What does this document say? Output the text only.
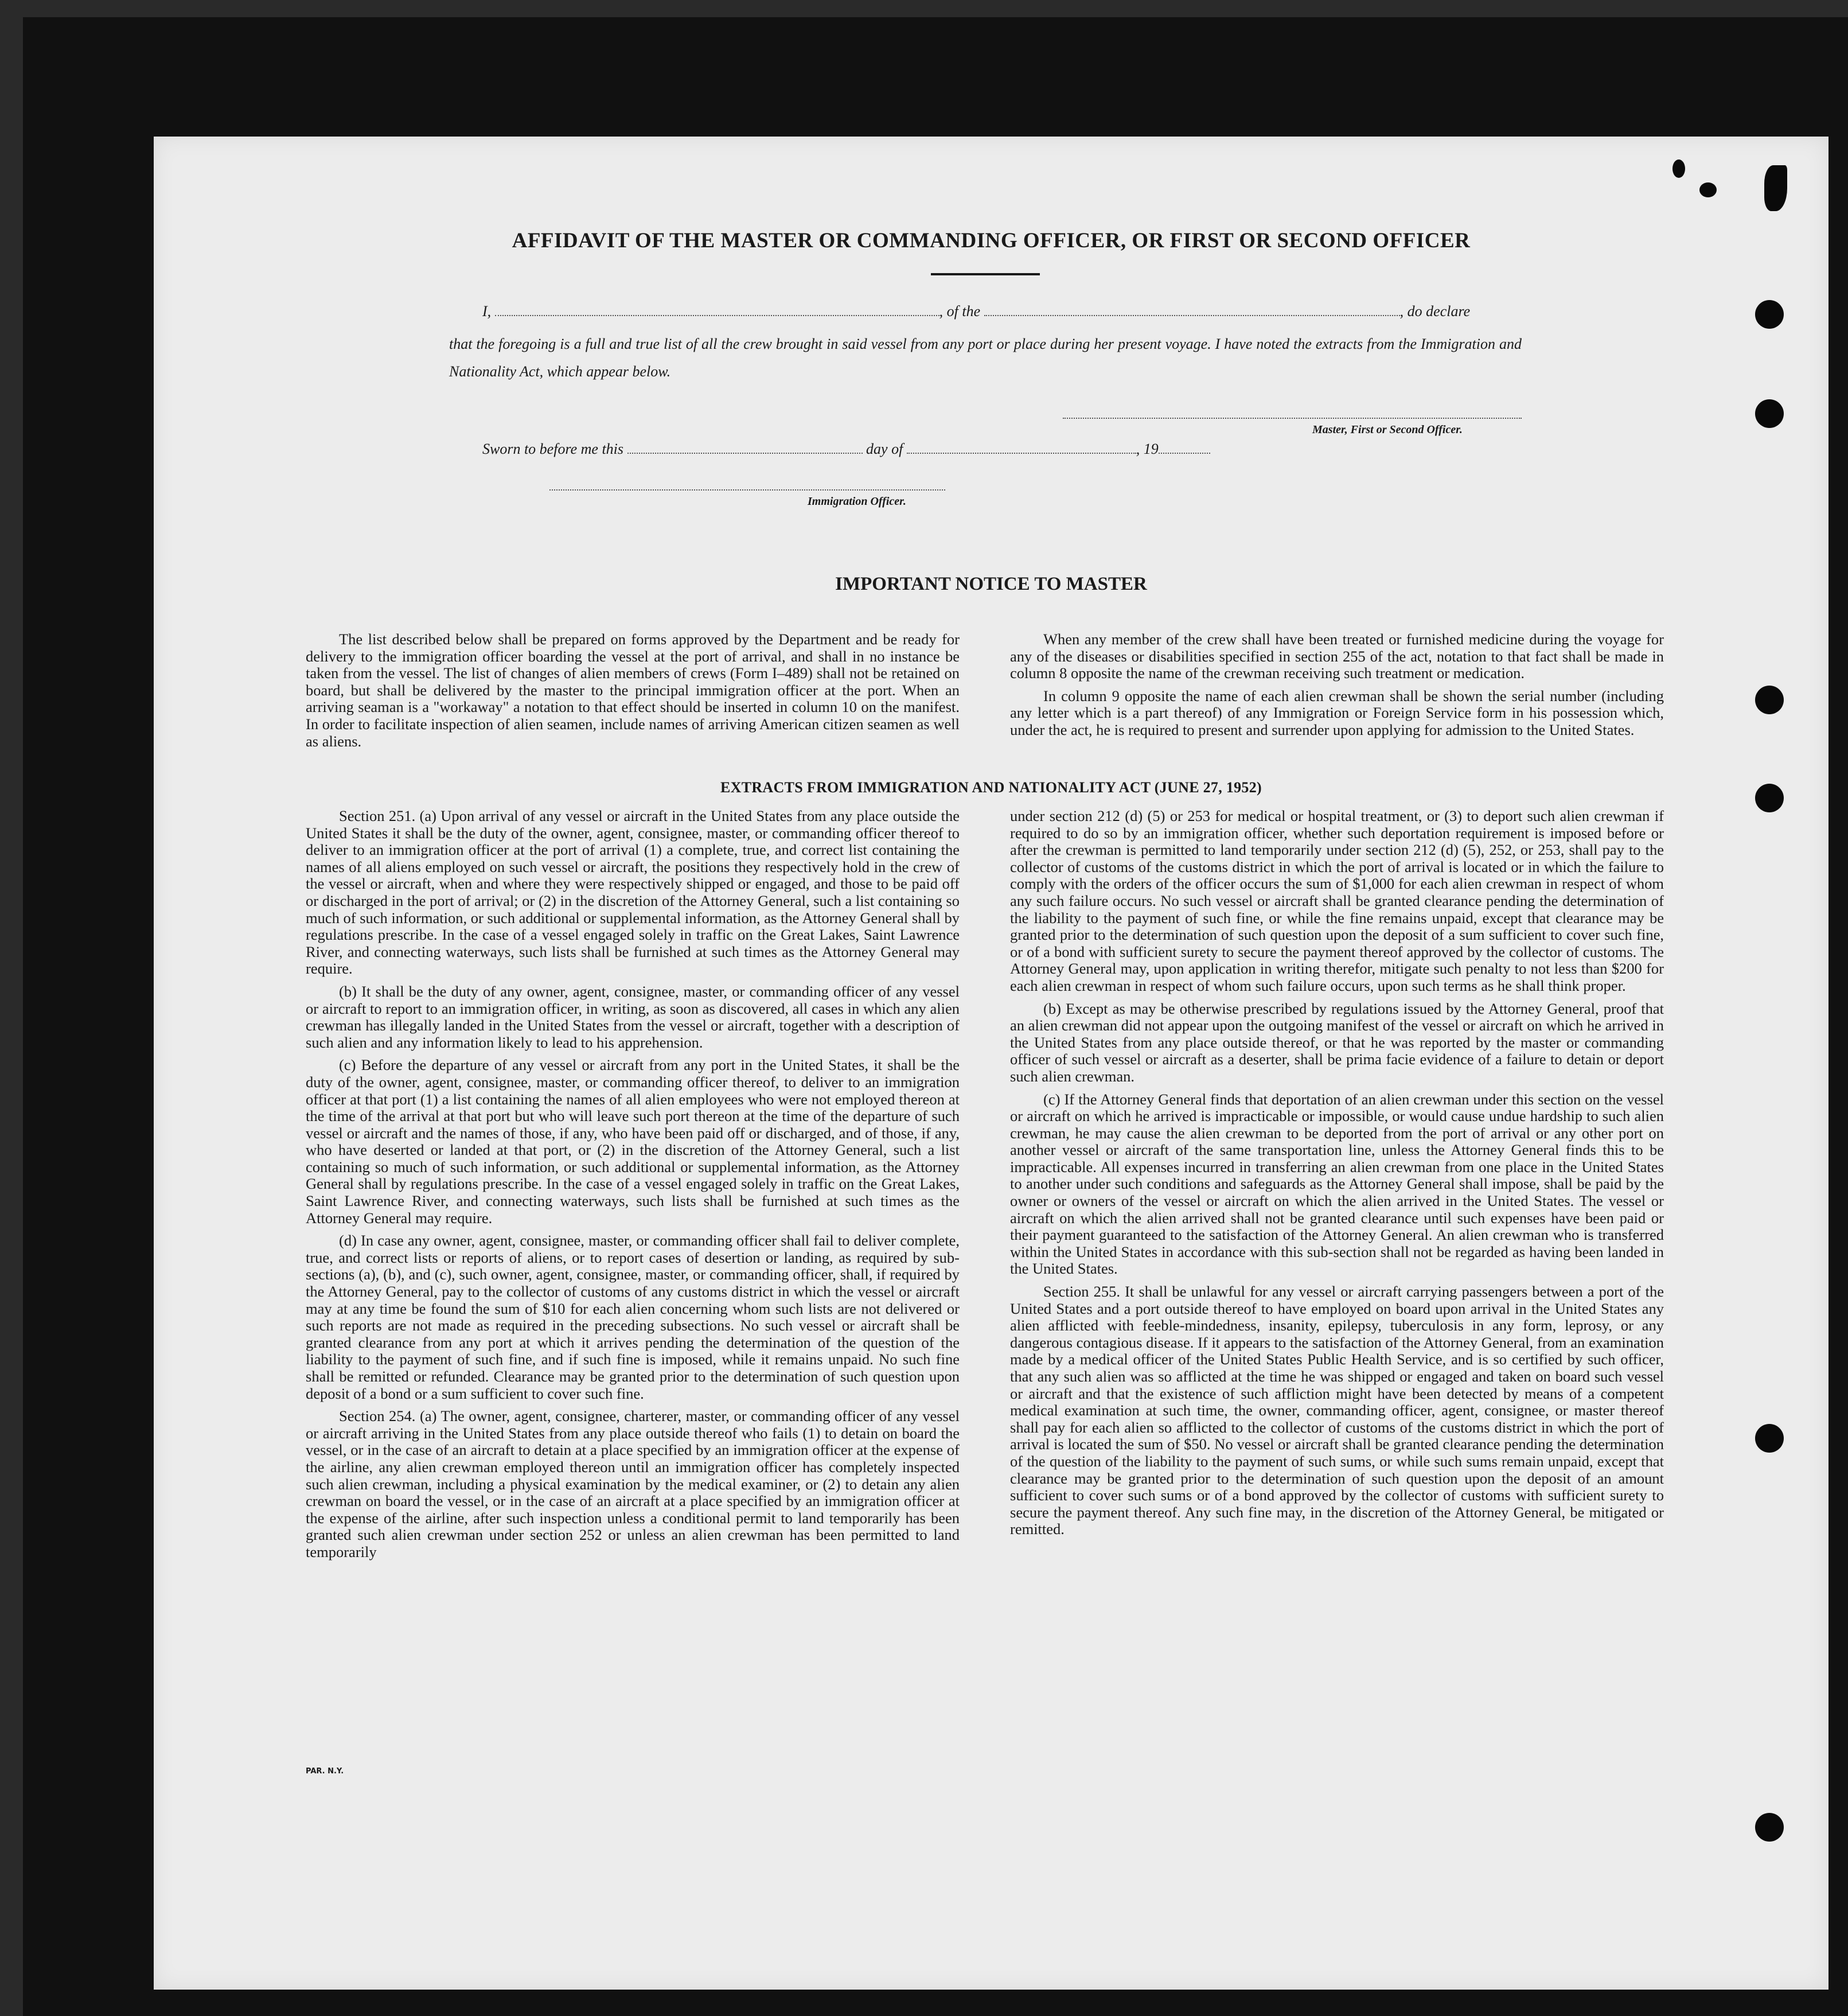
AFFIDAVIT OF THE MASTER OR COMMANDING OFFICER, OR FIRST OR SECOND OFFICER
I,	, of the	, do declare

that the foregoing is a full and true list of all the crew brought in said vessel from any port or place during her present voyage. I have noted the extracts from the Immigration and Nationality Act, which appear below.

Master, First or Second Officer.
Sworn to before me this	day of	, 19
Immigration Officer.
IMPORTANT NOTICE TO MASTER

The list described below shall be prepared on forms approved by the Department and be ready for delivery to the immigration officer boarding the vessel at the port of arrival, and shall in no instance be taken from the vessel. The list of changes of alien members of crews (Form I–489) shall not be retained on board, but shall be delivered by the master to the principal immigration officer at the port. When an arriving seaman is a "workaway" a notation to that effect should be inserted in column 10 on the manifest. In order to facilitate inspection of alien seamen, include names of arriving American citizen seamen as well as aliens.

When any member of the crew shall have been treated or furnished medicine during the voyage for any of the diseases or disabilities specified in section 255 of the act, notation to that fact shall be made in column 8 opposite the name of the crewman receiving such treatment or medication.

In column 9 opposite the name of each alien crewman shall be shown the serial number (including any letter which is a part thereof) of any Immigration or Foreign Service form in his possession which, under the act, he is required to present and surrender upon applying for admission to the United States.

EXTRACTS FROM IMMIGRATION AND NATIONALITY ACT (JUNE 27, 1952)

Section 251. (a) Upon arrival of any vessel or aircraft in the United States from any place outside the United States it shall be the duty of the owner, agent, consignee, master, or commanding officer thereof to deliver to an immigration officer at the port of arrival (1) a complete, true, and correct list containing the names of all aliens employed on such vessel or aircraft, the positions they respectively hold in the crew of the vessel or aircraft, when and where they were respectively shipped or engaged, and those to be paid off or discharged in the port of arrival; or (2) in the discretion of the Attorney General, such a list containing so much of such information, or such additional or supplemental information, as the Attorney General shall by regulations prescribe. In the case of a vessel engaged solely in traffic on the Great Lakes, Saint Lawrence River, and connecting waterways, such lists shall be furnished at such times as the Attorney General may require.

(b) It shall be the duty of any owner, agent, consignee, master, or commanding officer of any vessel or aircraft to report to an immigration officer, in writing, as soon as discovered, all cases in which any alien crewman has illegally landed in the United States from the vessel or aircraft, together with a description of such alien and any information likely to lead to his apprehension.

(c) Before the departure of any vessel or aircraft from any port in the United States, it shall be the duty of the owner, agent, consignee, master, or commanding officer thereof, to deliver to an immigration officer at that port (1) a list containing the names of all alien employees who were not employed thereon at the time of the arrival at that port but who will leave such port thereon at the time of the departure of such vessel or aircraft and the names of those, if any, who have been paid off or discharged, and of those, if any, who have deserted or landed at that port, or (2) in the discretion of the Attorney General, such a list containing so much of such information, or such additional or supplemental information, as the Attorney General shall by regulations prescribe. In the case of a vessel engaged solely in traffic on the Great Lakes, Saint Lawrence River, and connecting waterways, such lists shall be furnished at such times as the Attorney General may require.

(d) In case any owner, agent, consignee, master, or commanding officer shall fail to deliver complete, true, and correct lists or reports of aliens, or to report cases of desertion or landing, as required by sub-sections (a), (b), and (c), such owner, agent, consignee, master, or commanding officer, shall, if required by the Attorney General, pay to the collector of customs of any customs district in which the vessel or aircraft may at any time be found the sum of $10 for each alien concerning whom such lists are not delivered or such reports are not made as required in the preceding subsections. No such vessel or aircraft shall be granted clearance from any port at which it arrives pending the determination of the question of the liability to the payment of such fine, and if such fine is imposed, while it remains unpaid. No such fine shall be remitted or refunded. Clearance may be granted prior to the determination of such question upon deposit of a bond or a sum sufficient to cover such fine.

Section 254. (a) The owner, agent, consignee, charterer, master, or commanding officer of any vessel or aircraft arriving in the United States from any place outside thereof who fails (1) to detain on board the vessel, or in the case of an aircraft to detain at a place specified by an immigration officer at the expense of the airline, any alien crewman employed thereon until an immigration officer has completely inspected such alien crewman, including a physical examination by the medical examiner, or (2) to detain any alien crewman on board the vessel, or in the case of an aircraft at a place specified by an immigration officer at the expense of the airline, after such inspection unless a conditional permit to land temporarily has been granted such alien crewman under section 252 or unless an alien crewman has been permitted to land temporarily

under section 212 (d) (5) or 253 for medical or hospital treatment, or (3) to deport such alien crewman if required to do so by an immigration officer, whether such deportation requirement is imposed before or after the crewman is permitted to land temporarily under section 212 (d) (5), 252, or 253, shall pay to the collector of customs of the customs district in which the port of arrival is located or in which the failure to comply with the orders of the officer occurs the sum of $1,000 for each alien crewman in respect of whom any such failure occurs. No such vessel or aircraft shall be granted clearance pending the determination of the liability to the payment of such fine, or while the fine remains unpaid, except that clearance may be granted prior to the determination of such question upon the deposit of a sum sufficient to cover such fine, or of a bond with sufficient surety to secure the payment thereof approved by the collector of customs. The Attorney General may, upon application in writing therefor, mitigate such penalty to not less than $200 for each alien crewman in respect of whom such failure occurs, upon such terms as he shall think proper.

(b) Except as may be otherwise prescribed by regulations issued by the Attorney General, proof that an alien crewman did not appear upon the outgoing manifest of the vessel or aircraft on which he arrived in the United States from any place outside thereof, or that he was reported by the master or commanding officer of such vessel or aircraft as a deserter, shall be prima facie evidence of a failure to detain or deport such alien crewman.

(c) If the Attorney General finds that deportation of an alien crewman under this section on the vessel or aircraft on which he arrived is impracticable or impossible, or would cause undue hardship to such alien crewman, he may cause the alien crewman to be deported from the port of arrival or any other port on another vessel or aircraft of the same transportation line, unless the Attorney General finds this to be impracticable. All expenses incurred in transferring an alien crewman from one place in the United States to another under such conditions and safeguards as the Attorney General shall impose, shall be paid by the owner or owners of the vessel or aircraft on which the alien arrived in the United States. The vessel or aircraft on which the alien arrived shall not be granted clearance until such expenses have been paid or their payment guaranteed to the satisfaction of the Attorney General. An alien crewman who is transferred within the United States in accordance with this sub-section shall not be regarded as having been landed in the United States.

Section 255. It shall be unlawful for any vessel or aircraft carrying passengers between a port of the United States and a port outside thereof to have employed on board upon arrival in the United States any alien afflicted with feeble-mindedness, insanity, epilepsy, tuberculosis in any form, leprosy, or any dangerous contagious disease. If it appears to the satisfaction of the Attorney General, from an examination made by a medical officer of the United States Public Health Service, and is so certified by such officer, that any such alien was so afflicted at the time he was shipped or engaged and taken on board such vessel or aircraft and that the existence of such affliction might have been detected by means of a competent medical examination at such time, the owner, commanding officer, agent, consignee, or master thereof shall pay for each alien so afflicted to the collector of customs of the customs district in which the port of arrival is located the sum of $50. No vessel or aircraft shall be granted clearance pending the determination of the question of the liability to the payment of such sums, or while such sums remain unpaid, except that clearance may be granted prior to the determination of such question upon the deposit of an amount sufficient to cover such sums or of a bond approved by the collector of customs with sufficient surety to secure the payment thereof. Any such fine may, in the discretion of the Attorney General, be mitigated or remitted.

PAR. N.Y.
